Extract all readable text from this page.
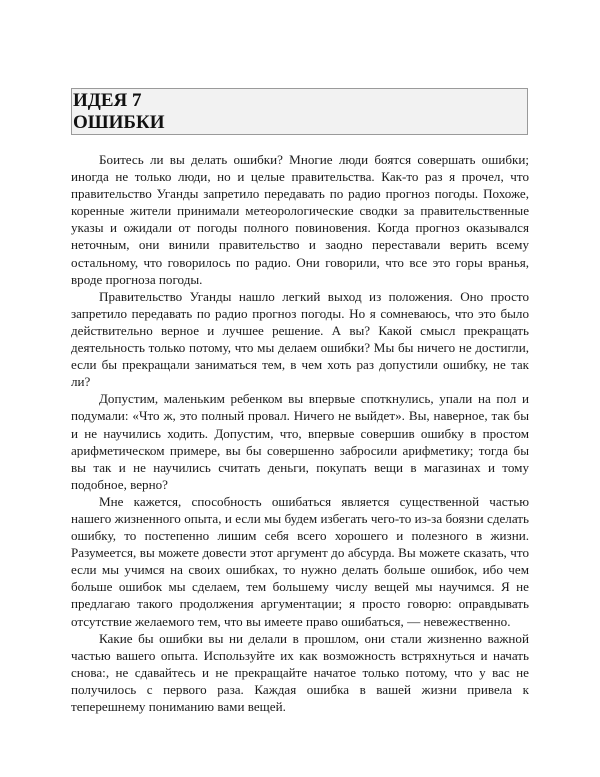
ИДЕЯ 7
ОШИБКИ

Боитесь ли вы делать ошибки? Многие люди боятся совершать ошибки; иногда не только люди, но и целые правительства. Как-то раз я прочел, что правительство Уганды запретило передавать по радио прогноз погоды. Похоже, коренные жители принимали метеорологические сводки за правительственные указы и ожидали от погоды полного повиновения. Когда прогноз оказывался неточным, они винили правительство и заодно переставали верить всему остальному, что говорилось по радио. Они говорили, что все это горы вранья, вроде прогноза погоды.

Правительство Уганды нашло легкий выход из положения. Оно просто запретило передавать по радио прогноз погоды. Но я сомневаюсь, что это было действительно верное и лучшее решение. А вы? Какой смысл прекращать деятельность только потому, что мы делаем ошибки? Мы бы ничего не достигли, если бы прекращали заниматься тем, в чем хоть раз допустили ошибку, не так ли?

Допустим, маленьким ребенком вы впервые споткнулись, упали на пол и подумали: «Что ж, это полный провал. Ничего не выйдет». Вы, наверное, так бы и не научились ходить. Допустим, что, впервые совершив ошибку в простом арифметическом примере, вы бы совершенно забросили арифметику; тогда бы вы так и не научились считать деньги, покупать вещи в магазинах и тому подобное, верно?

Мне кажется, способность ошибаться является существенной частью нашего жизненного опыта, и если мы будем избегать чего-то из-за боязни сделать ошибку, то постепенно лишим себя всего хорошего и полезного в жизни. Разумеется, вы можете довести этот аргумент до абсурда. Вы можете сказать, что если мы учимся на своих ошибках, то нужно делать больше ошибок, ибо чем больше ошибок мы сделаем, тем большему числу вещей мы научимся. Я не предлагаю такого продолжения аргументации; я просто говорю: оправдывать отсутствие желаемого тем, что вы имеете право ошибаться, — невежественно.

Какие бы ошибки вы ни делали в прошлом, они стали жизненно важной частью вашего опыта. Используйте их как возможность встряхнуться и начать снова:, не сдавайтесь и не прекращайте начатое только потому, что у вас не получилось с первого раза. Каждая ошибка в вашей жизни привела к теперешнему пониманию вами вещей.
